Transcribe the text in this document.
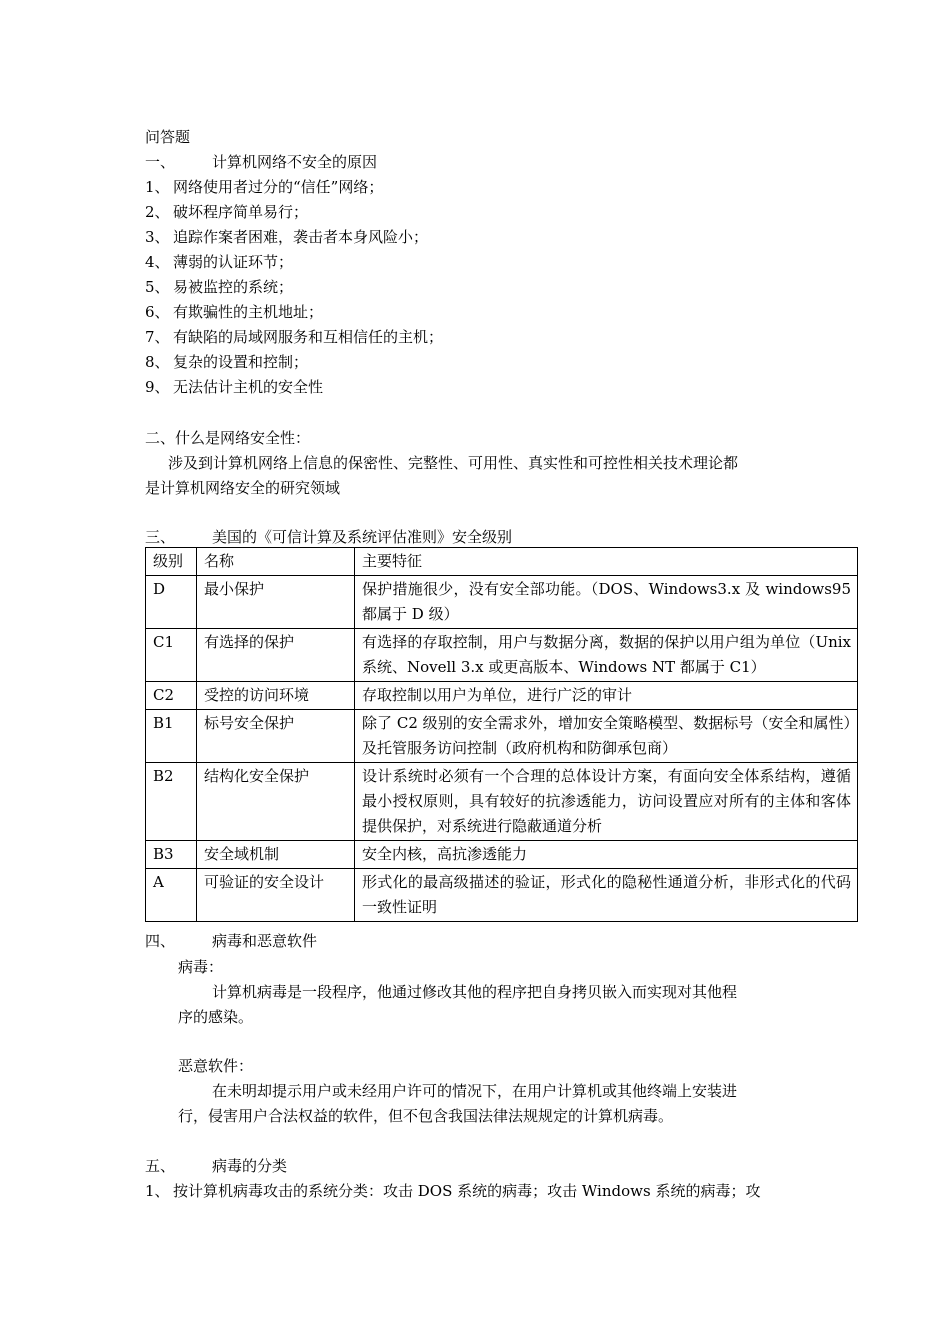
问答题
一、 计算机网络不安全的原因
1、 网络使用者过分的“信任”网络；
2、 破坏程序简单易行；
3、 追踪作案者困难，袭击者本身风险小；
4、 薄弱的认证环节；
5、 易被监控的系统；
6、 有欺骗性的主机地址；
7、 有缺陷的局域网服务和互相信任的主机；
8、 复杂的设置和控制；
9、 无法估计主机的安全性
二、什么是网络安全性：
涉及到计算机网络上信息的保密性、完整性、可用性、真实性和可控性相关技术理论都
是计算机网络安全的研究领域
三、 美国的《可信计算及系统评估准则》安全级别
级别	名称	主要特征
D	最小保护	保护措施很少，没有安全部功能。（DOS、Windows3.x 及 windows95 都属于 D 级）
C1	有选择的保护	有选择的存取控制，用户与数据分离，数据的保护以用户组为单位（Unix 系统、Novell 3.x 或更高版本、Windows NT 都属于 C1）
C2	受控的访问环境	存取控制以用户为单位，进行广泛的审计
B1	标号安全保护	除了 C2 级别的安全需求外，增加安全策略模型、数据标号（安全和属性）及托管服务访问控制（政府机构和防御承包商）
B2	结构化安全保护	设计系统时必须有一个合理的总体设计方案，有面向安全体系结构，遵循最小授权原则，具有较好的抗渗透能力，访问设置应对所有的主体和客体提供保护，对系统进行隐蔽通道分析
B3	安全域机制	安全内核，高抗渗透能力
A	可验证的安全设计	形式化的最高级描述的验证，形式化的隐秘性通道分析，非形式化的代码一致性证明
四、 病毒和恶意软件
病毒：
计算机病毒是一段程序，他通过修改其他的程序把自身拷贝嵌入而实现对其他程
序的感染。
恶意软件：
在未明却提示用户或未经用户许可的情况下，在用户计算机或其他终端上安装进
行，侵害用户合法权益的软件，但不包含我国法律法规规定的计算机病毒。
五、 病毒的分类
1、 按计算机病毒攻击的系统分类：攻击 DOS 系统的病毒；攻击 Windows 系统的病毒；攻
